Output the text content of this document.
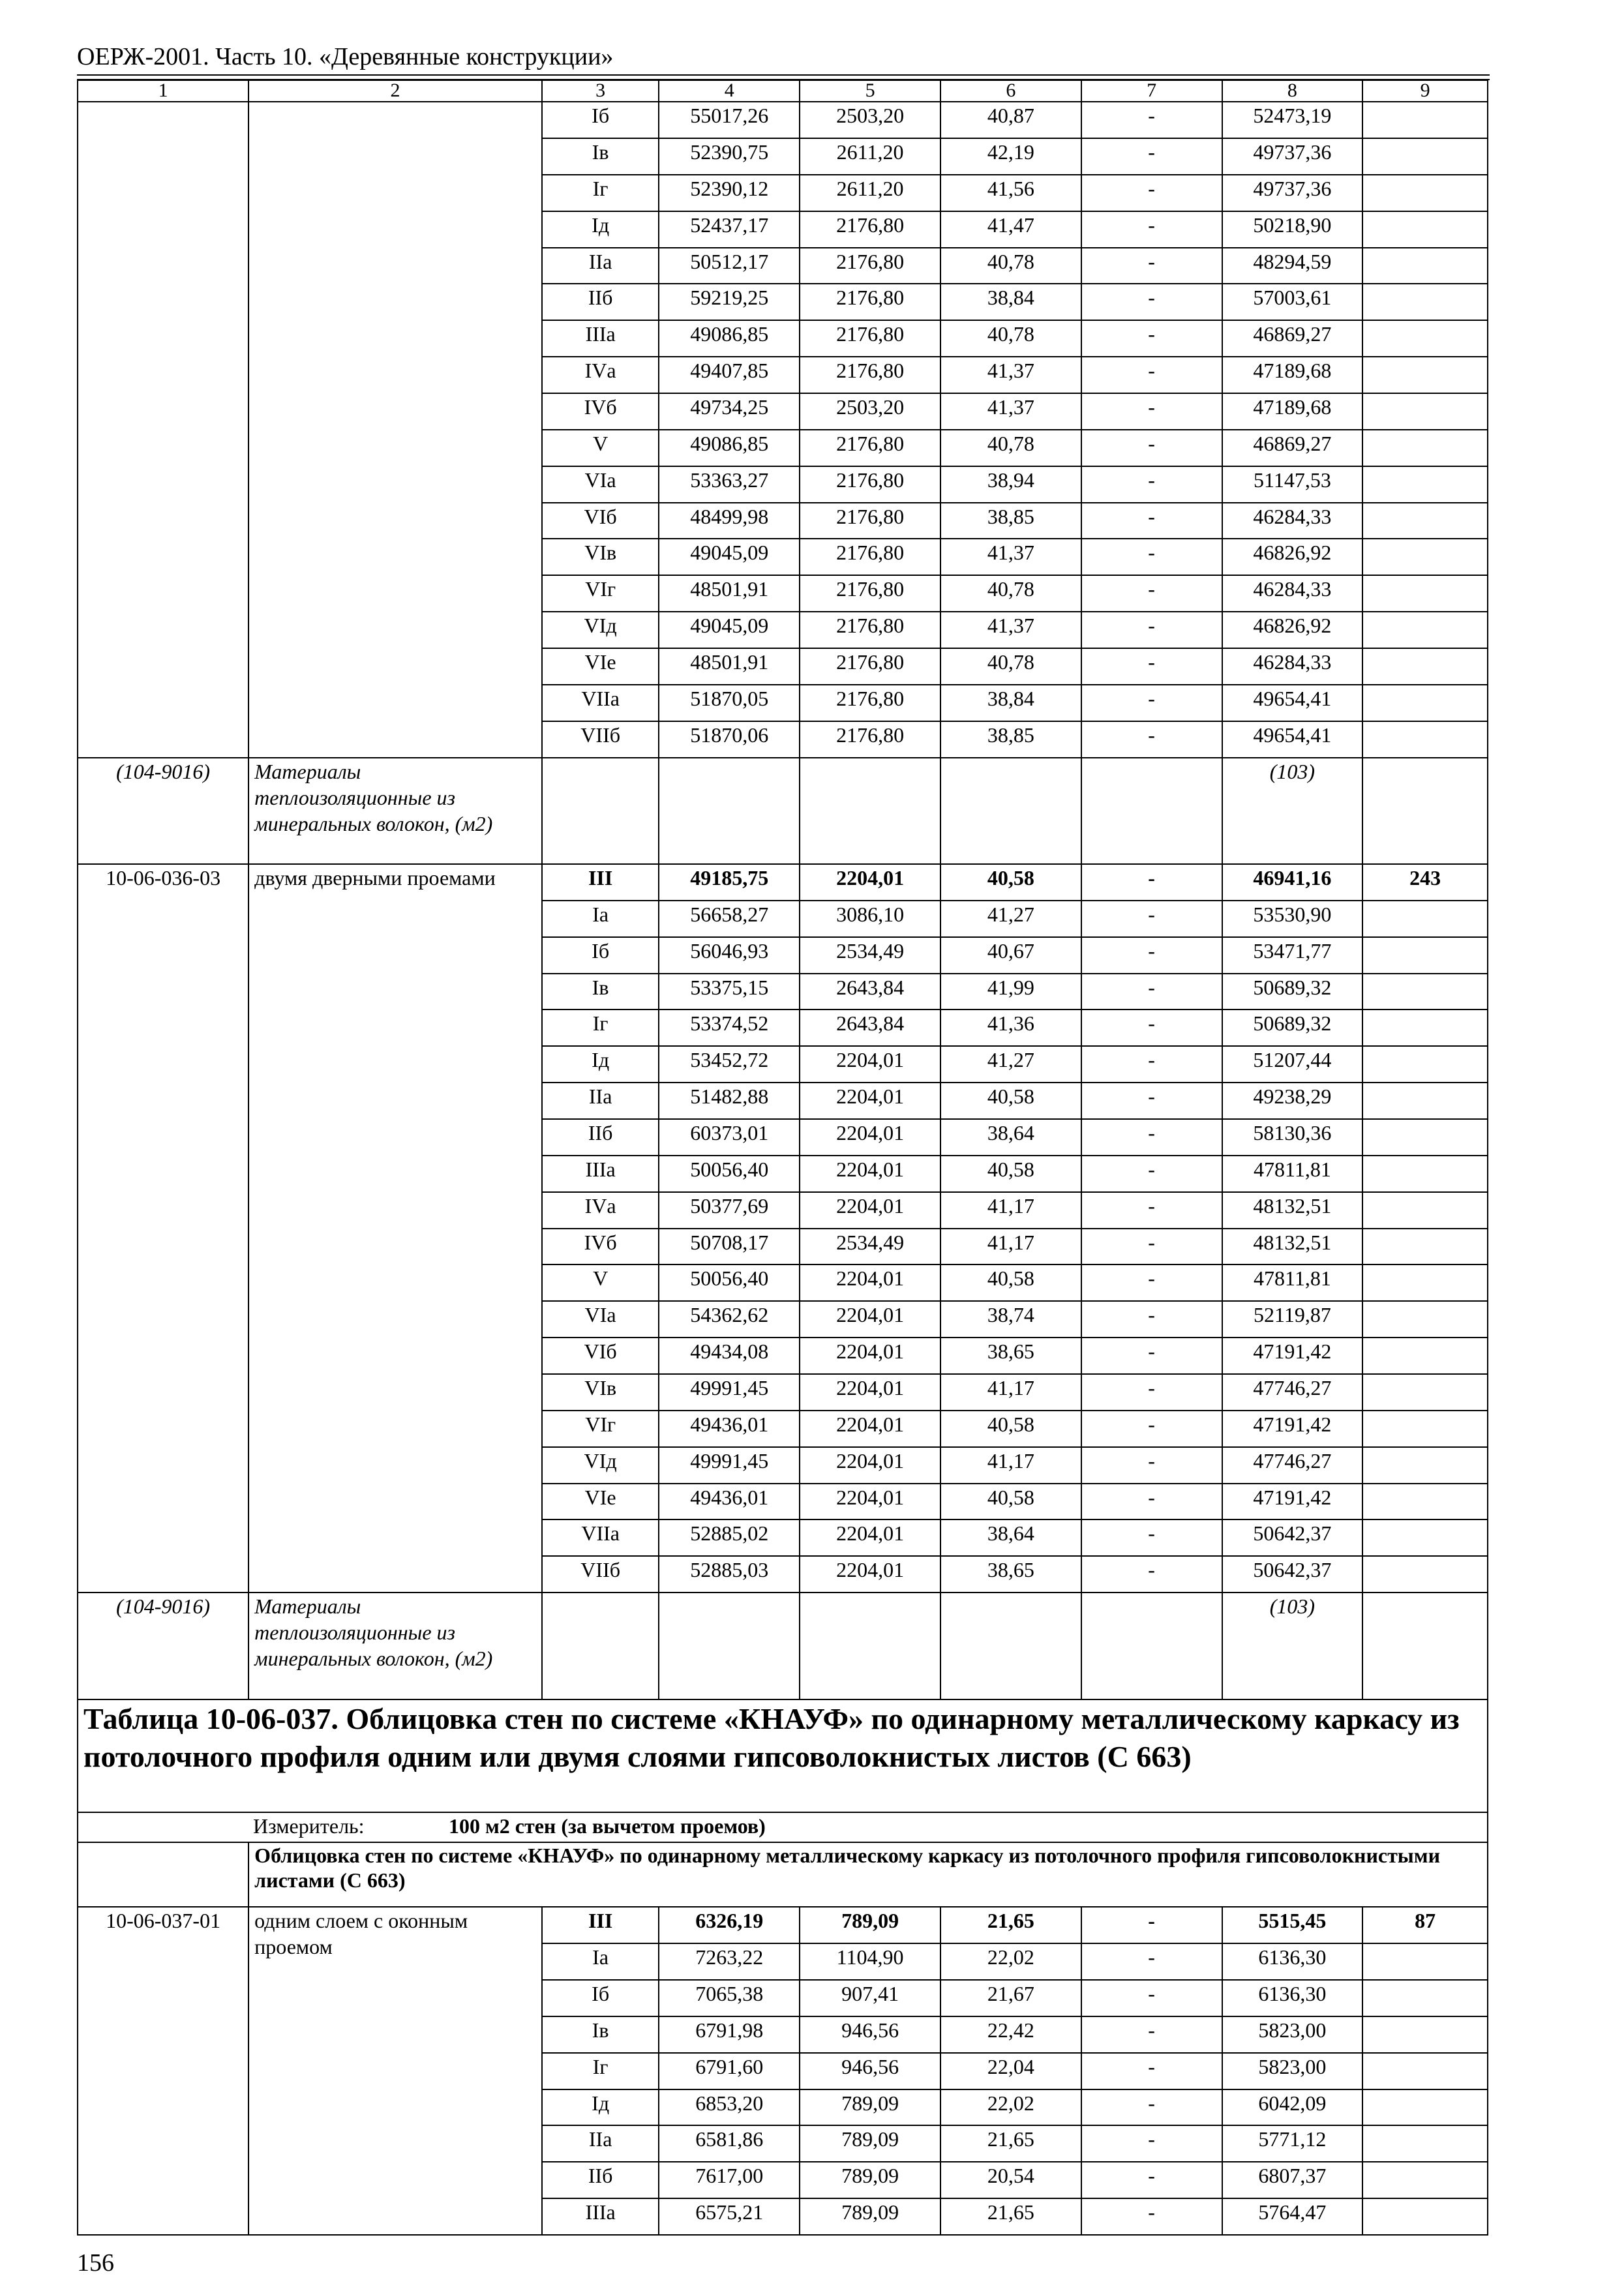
ОЕРЖ-2001. Часть 10. «Деревянные конструкции»
1	2	3	4	5	6	7	8	9
		Iб	55017,26	2503,20	40,87	-	52473,19	
		Iв	52390,75	2611,20	42,19	-	49737,36	
		Iг	52390,12	2611,20	41,56	-	49737,36	
		Iд	52437,17	2176,80	41,47	-	50218,90	
		IIа	50512,17	2176,80	40,78	-	48294,59	
		IIб	59219,25	2176,80	38,84	-	57003,61	
		IIIа	49086,85	2176,80	40,78	-	46869,27	
		IVа	49407,85	2176,80	41,37	-	47189,68	
		IVб	49734,25	2503,20	41,37	-	47189,68	
		V	49086,85	2176,80	40,78	-	46869,27	
		VIа	53363,27	2176,80	38,94	-	51147,53	
		VIб	48499,98	2176,80	38,85	-	46284,33	
		VIв	49045,09	2176,80	41,37	-	46826,92	
		VIг	48501,91	2176,80	40,78	-	46284,33	
		VIд	49045,09	2176,80	41,37	-	46826,92	
		VIе	48501,91	2176,80	40,78	-	46284,33	
		VIIа	51870,05	2176,80	38,84	-	49654,41	
		VIIб	51870,06	2176,80	38,85	-	49654,41	
(104-9016)	Материалы теплоизоляционные из минеральных волокон, (м2)						(103)	
10-06-036-03	двумя дверными проемами	III	49185,75	2204,01	40,58	-	46941,16	243
		Iа	56658,27	3086,10	41,27	-	53530,90	
		Iб	56046,93	2534,49	40,67	-	53471,77	
		Iв	53375,15	2643,84	41,99	-	50689,32	
		Iг	53374,52	2643,84	41,36	-	50689,32	
		Iд	53452,72	2204,01	41,27	-	51207,44	
		IIа	51482,88	2204,01	40,58	-	49238,29	
		IIб	60373,01	2204,01	38,64	-	58130,36	
		IIIа	50056,40	2204,01	40,58	-	47811,81	
		IVа	50377,69	2204,01	41,17	-	48132,51	
		IVб	50708,17	2534,49	41,17	-	48132,51	
		V	50056,40	2204,01	40,58	-	47811,81	
		VIа	54362,62	2204,01	38,74	-	52119,87	
		VIб	49434,08	2204,01	38,65	-	47191,42	
		VIв	49991,45	2204,01	41,17	-	47746,27	
		VIг	49436,01	2204,01	40,58	-	47191,42	
		VIд	49991,45	2204,01	41,17	-	47746,27	
		VIе	49436,01	2204,01	40,58	-	47191,42	
		VIIа	52885,02	2204,01	38,64	-	50642,37	
		VIIб	52885,03	2204,01	38,65	-	50642,37	
(104-9016)	Материалы теплоизоляционные из минеральных волокон, (м2)						(103)	
Таблица 10-06-037. Облицовка стен по системе «КНАУФ» по одинарному металлическому каркасу из потолочного профиля одним или двумя слоями гипсоволокнистых листов (С 663)								
Измеритель: 100 м2 стен (за вычетом проемов)								
	Облицовка стен по системе «КНАУФ» по одинарному металлическому каркасу из потолочного профиля гипсоволокнистыми листами (С 663)							
10-06-037-01	одним слоем с оконным проемом	III	6326,19	789,09	21,65	-	5515,45	87
		Iа	7263,22	1104,90	22,02	-	6136,30	
		Iб	7065,38	907,41	21,67	-	6136,30	
		Iв	6791,98	946,56	22,42	-	5823,00	
		Iг	6791,60	946,56	22,04	-	5823,00	
		Iд	6853,20	789,09	22,02	-	6042,09	
		IIа	6581,86	789,09	21,65	-	5771,12	
		IIб	7617,00	789,09	20,54	-	6807,37	
		IIIа	6575,21	789,09	21,65	-	5764,47	
156
